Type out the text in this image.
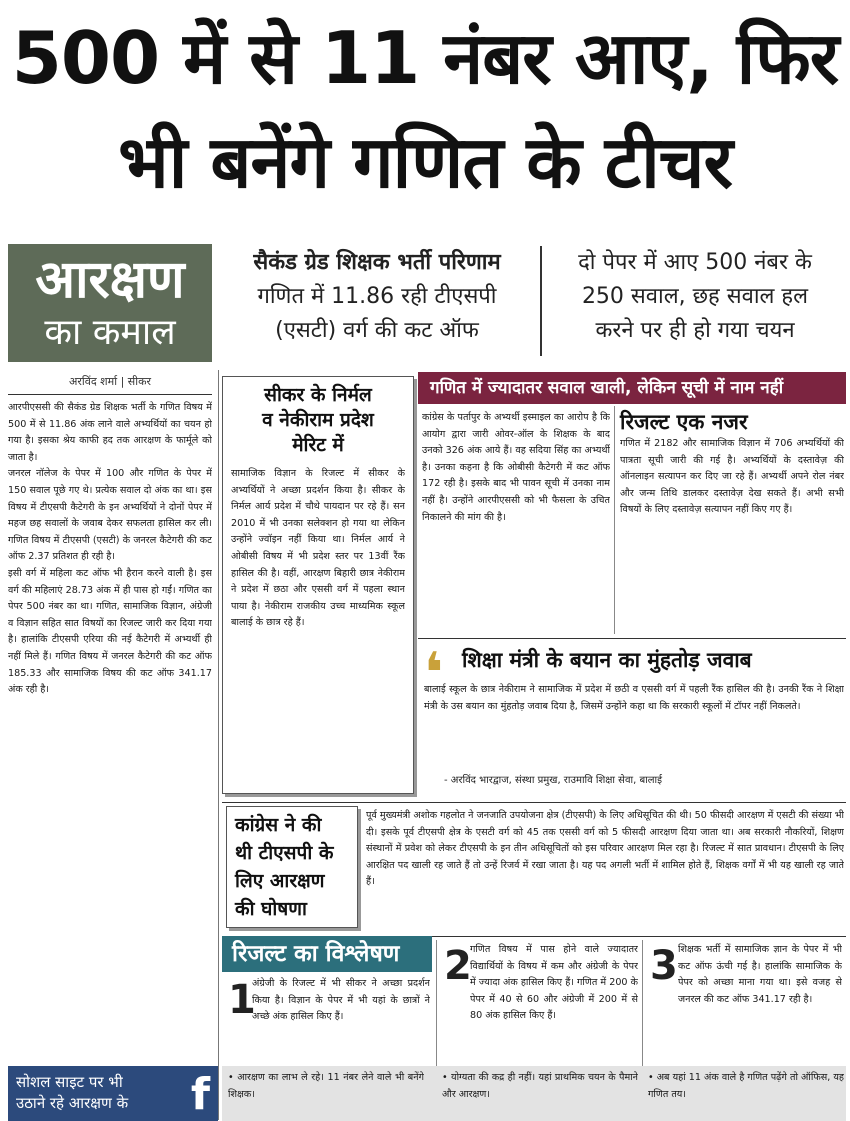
500 में से 11 नंबर आए, फिर
भी बनेंगे गणित के टीचर
आरक्षण
का कमाल
सैकंड ग्रेड शिक्षक भर्ती परिणाम
गणित में 11.86 रही टीएसपी
(एसटी) वर्ग की कट ऑफ
दो पेपर में आए 500 नंबर के
250 सवाल, छह सवाल हल
करने पर ही हो गया चयन
अरविंद शर्मा | सीकर
आरपीएससी की सैकंड ग्रेड शिक्षक भर्ती के गणित विषय में 500 में से 11.86 अंक लाने वाले अभ्यर्थियों का चयन हो गया है। इसका श्रेय काफी हद तक आरक्षण के फार्मूले को जाता है।
जनरल नॉलेज के पेपर में 100 और गणित के पेपर में 150 सवाल पूछे गए थे। प्रत्येक सवाल दो अंक का था। इस विषय में टीएसपी कैटेगरी के इन अभ्यर्थियों ने दोनों पेपर में महज छह सवालों के जवाब देकर सफलता हासिल कर ली। गणित विषय में टीएसपी (एसटी) के जनरल कैटेगरी की कट ऑफ 2.37 प्रतिशत ही रही है।
इसी वर्ग में महिला कट ऑफ भी हैरान करने वाली है। इस वर्ग की महिलाएं 28.73 अंक में ही पास हो गईं। गणित का पेपर 500 नंबर का था। गणित, सामाजिक विज्ञान, अंग्रेजी व विज्ञान सहित सात विषयों का रिजल्ट जारी कर दिया गया है। हालांकि टीएसपी एरिया की नई कैटेगरी में अभ्यर्थी ही नहीं मिले हैं। गणित विषय में जनरल कैटेगरी की कट ऑफ 185.33 और सामाजिक विषय की कट ऑफ 341.17 अंक रही है।
सोशल साइट पर भी
उठाने रहे आरक्षण के f
सीकर के निर्मल
व नेकीराम प्रदेश
मेरिट में
सामाजिक विज्ञान के रिजल्ट में सीकर के अभ्यर्थियों ने अच्छा प्रदर्शन किया है। सीकर के निर्मल आर्य प्रदेश में चौथे पायदान पर रहे हैं। सन 2010 में भी उनका सलेक्शन हो गया था लेकिन उन्होंने ज्वॉइन नहीं किया था। निर्मल आर्य ने ओबीसी विषय में भी प्रदेश स्तर पर 13वीं रैंक हासिल की है। वहीं, आरक्षण बिहारी छात्र नेकीराम ने प्रदेश में छठा और एससी वर्ग में पहला स्थान पाया है। नेकीराम राजकीय उच्च माध्यमिक स्कूल बालाई के छात्र रहे हैं।
गणित में ज्यादातर सवाल खाली, लेकिन सूची में नाम नहीं
कांग्रेस के पर्तापुर के अभ्यर्थी इस्माइल का आरोप है कि आयोग द्वारा जारी ओवर-ऑल के शिक्षक के बाद उनको 326 अंक आये हैं। वह सदिया सिंह का अभ्यर्थी है। उनका कहना है कि ओबीसी कैटेगरी में कट ऑफ 172 रही है। इसके बाद भी पावन सूची में उनका नाम नहीं है। उन्होंने आरपीएससी को भी फैसला के उचित निकालने की मांग की है।
रिजल्ट एक नजर
गणित में 2182 और सामाजिक विज्ञान में 706 अभ्यर्थियों की पात्रता सूची जारी की गई है। अभ्यर्थियों के दस्तावेज़ की ऑनलाइन सत्यापन कर दिए जा रहे हैं। अभ्यर्थी अपने रोल नंबर और जन्म तिथि डालकर दस्तावेज़ देख सकते हैं। अभी सभी विषयों के लिए दस्तावेज़ सत्यापन नहीं किए गए हैं।
❛ शिक्षा मंत्री के बयान का मुंहतोड़ जवाब
बालाई स्कूल के छात्र नेकीराम ने सामाजिक में प्रदेश में छठी व एससी वर्ग में पहली रैंक हासिल की है। उनकी रैंक ने शिक्षा मंत्री के उस बयान का मुंहतोड़ जवाब दिया है, जिसमें उन्होंने कहा था कि सरकारी स्कूलों में टॉपर नहीं निकलते।
- अरविंद भारद्वाज, संस्था प्रमुख, राउमावि शिक्षा सेवा, बालाई
कांग्रेस ने की
थी टीएसपी के
लिए आरक्षण
की घोषणा
पूर्व मुख्यमंत्री अशोक गहलोत ने जनजाति उपयोजना क्षेत्र (टीएसपी) के लिए अधिसूचित की थी। 50 फीसदी आरक्षण में एसटी की संख्या भी दी। इसके पूर्व टीएसपी क्षेत्र के एसटी वर्ग को 45 तक एससी वर्ग को 5 फीसदी आरक्षण दिया जाता था। अब सरकारी नौकरियों, शिक्षण संस्थानों में प्रवेश को लेकर टीएसपी के इन तीन अधिसूचितों को इस परिवार आरक्षण मिल रहा है। रिजल्ट में सात प्रावधान। टीएसपी के लिए आरक्षित पद खाली रह जाते हैं तो उन्हें रिजर्व में रखा जाता है। यह पद अगली भर्ती में शामिल होते हैं, शिक्षक वर्गों में भी यह खाली रह जाते हैं।
रिजल्ट का विश्लेषण
1
अंग्रेजी के रिजल्ट में भी सीकर ने अच्छा प्रदर्शन किया है। विज्ञान के पेपर में भी यहां के छात्रों ने अच्छे अंक हासिल किए हैं।
2
गणित विषय में पास होने वाले ज्यादातर विद्यार्थियों के विषय में कम और अंग्रेजी के पेपर में ज्यादा अंक हासिल किए हैं। गणित में 200 के पेपर में 40 से 60 और अंग्रेजी में 200 में से 80 अंक हासिल किए हैं।
3 शिक्षक भर्ती में सामाजिक ज्ञान के पेपर में भी कट ऑफ ऊंची गई है। हालांकि सामाजिक के पेपर को अच्छा माना गया था। इसे वजह से जनरल की कट ऑफ 341.17 रही है।
• आरक्षण का लाभ ले रहे। 11 नंबर लेने वाले भी बनेंगे शिक्षक।
• योग्यता की कद्र ही नहीं। यहां प्राथमिक चयन के पैमाने और आरक्षण।
• अब यहां 11 अंक वाले है गणित पढ़ेंगे तो ऑफिस, यह गणित तय।
